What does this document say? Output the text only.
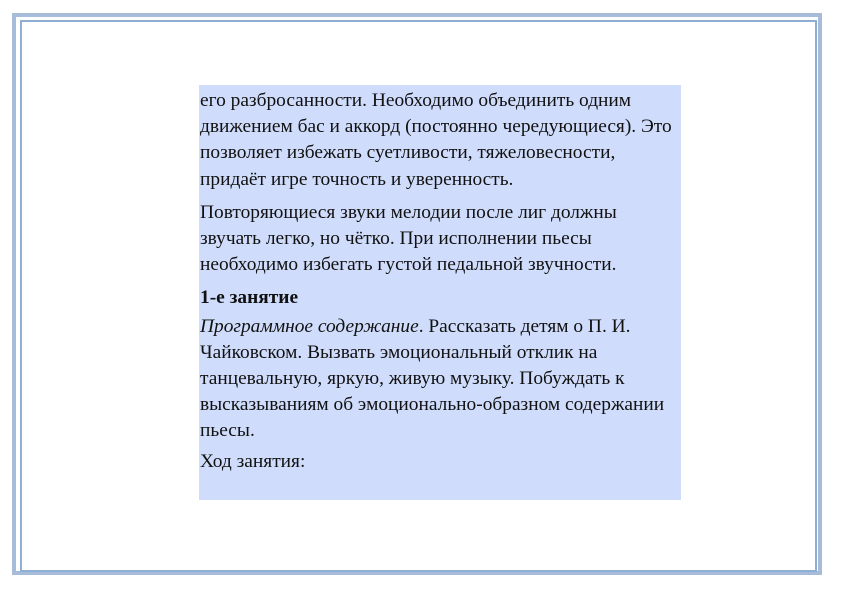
его разбросанности. Необходимо объединить одним движением бас и аккорд (постоянно чередующиеся). Это позволяет избежать суетливости, тяжеловесности, придаёт игре точность и уверенность.

Повторяющиеся звуки мелодии после лиг должны звучать легко, но чётко. При исполнении пьесы необходимо избегать густой педальной звучности.

1-е занятие

Программное содержание. Рассказать детям о П. И. Чайковском. Вызвать эмоциональный отклик на танцевальную, яркую, живую музыку. Побуждать к высказываниям об эмоционально-образном содержании пьесы.

Ход занятия:
